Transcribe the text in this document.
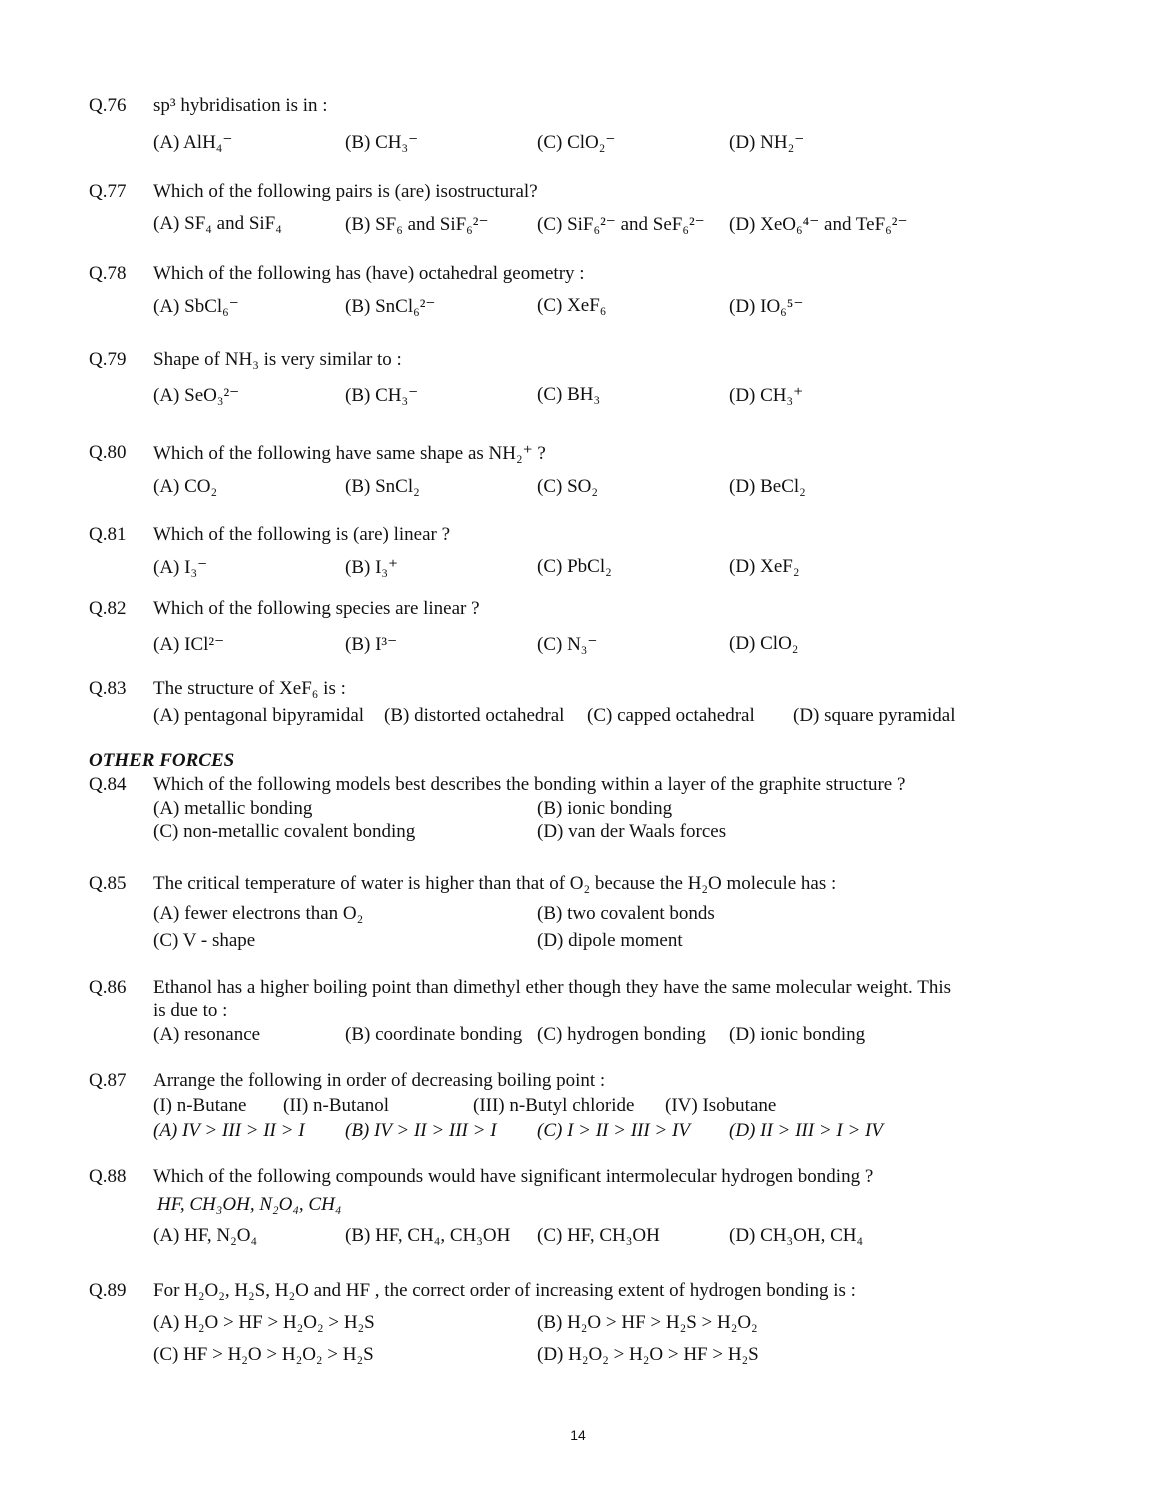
Q.76 sp³ hybridisation is in :
(A) AlH₄⁻	(B) CH₃⁻	(C) ClO₂⁻	(D) NH₂⁻
Q.77 Which of the following pairs is (are) isostructural?
(A) SF₄ and SiF₄	(B) SF₆ and SiF₆²⁻	(C) SiF₆²⁻ and SeF₆²⁻ (D) XeO₆⁴⁻ and TeF₆²⁻
Q.78 Which of the following has (have) octahedral geometry :
(A) SbCl₆⁻	(B) SnCl₆²⁻	(C) XeF₆	(D) IO₆⁵⁻
Q.79 Shape of NH₃ is very similar to :
(A) SeO₃²⁻	(B) CH₃⁻	(C) BH₃	(D) CH₃⁺
Q.80 Which of the following have same shape as NH₂⁺ ?
(A) CO₂	(B) SnCl₂	(C) SO₂	(D) BeCl₂
Q.81 Which of the following is (are) linear ?
(A) I₃⁻	(B) I₃⁺	(C) PbCl₂	(D) XeF₂
Q.82 Which of the following species are linear ?
(A) ICl²⁻	(B) I³⁻	(C) N₃⁻	(D) ClO₂
Q.83 The structure of XeF₆ is :
(A) pentagonal bipyramidal (B) distorted octahedral (C) capped octahedral (D) square pyramidal
OTHER FORCES
Q.84 Which of the following models best describes the bonding within a layer of the graphite structure ?
(A) metallic bonding	(B) ionic bonding
(C) non-metallic covalent bonding	(D) van der Waals forces
Q.85 The critical temperature of water is higher than that of O₂ because the H₂O molecule has :
(A) fewer electrons than O₂	(B) two covalent bonds
(C) V - shape	(D) dipole moment
Q.86 Ethanol has a higher boiling point than dimethyl ether though they have the same molecular weight. This
is due to :
(A) resonance	(B) coordinate bonding (C) hydrogen bonding (D) ionic bonding
Q.87 Arrange the following in order of decreasing boiling point :
(I) n-Butane (II) n-Butanol	(III) n-Butyl chloride (IV) Isobutane
(A) IV > III > II > I (B) IV > II > III > I (C) I > II > III > IV (D) II > III > I > IV
Q.88 Which of the following compounds would have significant intermolecular hydrogen bonding ?
HF, CH₃OH, N₂O₄, CH₄
(A) HF, N₂O₄	(B) HF, CH₄, CH₃OH (C) HF, CH₃OH	(D) CH₃OH, CH₄
Q.89 For H₂O₂, H₂S, H₂O and HF , the correct order of increasing extent of hydrogen bonding is :
(A) H₂O > HF > H₂O₂ > H₂S	(B) H₂O > HF > H₂S > H₂O₂
(C) HF > H₂O > H₂O₂ > H₂S	(D) H₂O₂ > H₂O > HF > H₂S
14
